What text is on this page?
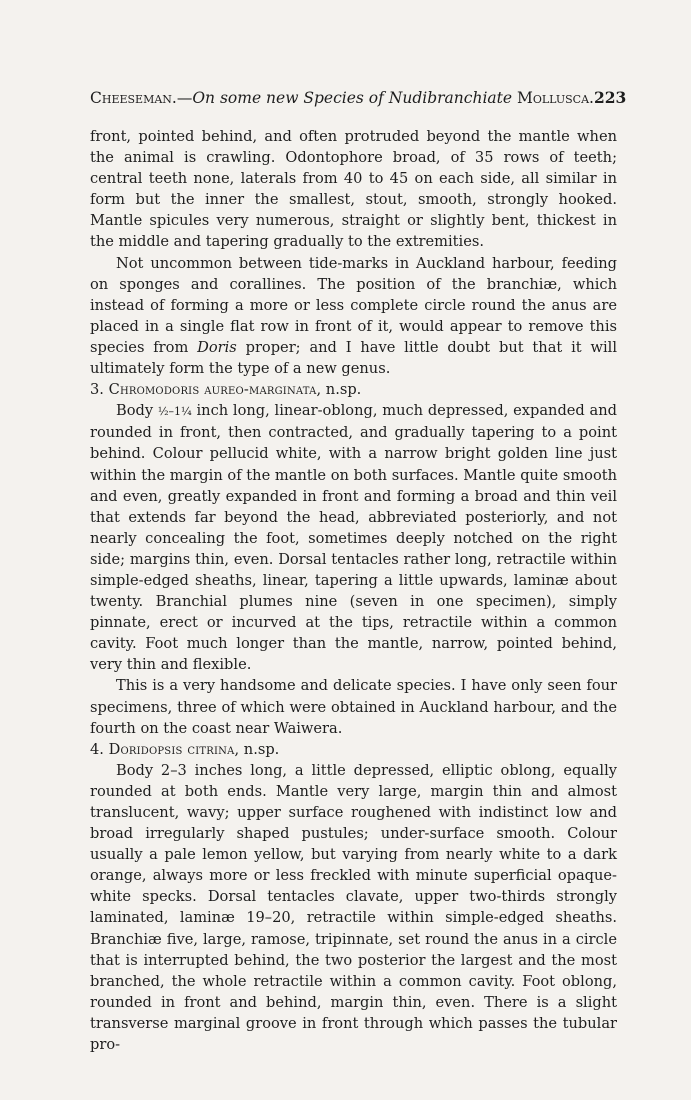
Cheeseman.—On some new Species of Nudibranchiate Mollusca. 223

front, pointed behind, and often protruded beyond the mantle when the animal is crawling. Odontophore broad, of 35 rows of teeth; central teeth none, laterals from 40 to 45 on each side, all similar in form but the inner the smallest, stout, smooth, strongly hooked. Mantle spicules very numerous, straight or slightly bent, thickest in the middle and tapering gradually to the extremities.

Not uncommon between tide-marks in Auckland harbour, feeding on sponges and corallines. The position of the branchiæ, which instead of forming a more or less complete circle round the anus are placed in a single flat row in front of it, would appear to remove this species from Doris proper; and I have little doubt but that it will ultimately form the type of a new genus.

3. Chromodoris aureo-marginata, n.sp.

Body ½–1¼ inch long, linear-oblong, much depressed, expanded and rounded in front, then contracted, and gradually tapering to a point behind. Colour pellucid white, with a narrow bright golden line just within the margin of the mantle on both surfaces. Mantle quite smooth and even, greatly expanded in front and forming a broad and thin veil that extends far beyond the head, abbreviated posteriorly, and not nearly concealing the foot, sometimes deeply notched on the right side; margins thin, even. Dorsal tentacles rather long, retractile within simple-edged sheaths, linear, tapering a little upwards, laminæ about twenty. Branchial plumes nine (seven in one specimen), simply pinnate, erect or incurved at the tips, retractile within a common cavity. Foot much longer than the mantle, narrow, pointed behind, very thin and flexible.

This is a very handsome and delicate species. I have only seen four specimens, three of which were obtained in Auckland harbour, and the fourth on the coast near Waiwera.

4. Doridopsis citrina, n.sp.

Body 2–3 inches long, a little depressed, elliptic oblong, equally rounded at both ends. Mantle very large, margin thin and almost translucent, wavy; upper surface roughened with indistinct low and broad irregularly shaped pustules; under-surface smooth. Colour usually a pale lemon yellow, but varying from nearly white to a dark orange, always more or less freckled with minute superficial opaque-white specks. Dorsal tentacles clavate, upper two-thirds strongly laminated, laminæ 19–20, retractile within simple-edged sheaths. Branchiæ five, large, ramose, tripinnate, set round the anus in a circle that is interrupted behind, the two posterior the largest and the most branched, the whole retractile within a common cavity. Foot oblong, rounded in front and behind, margin thin, even. There is a slight transverse marginal groove in front through which passes the tubular pro-
